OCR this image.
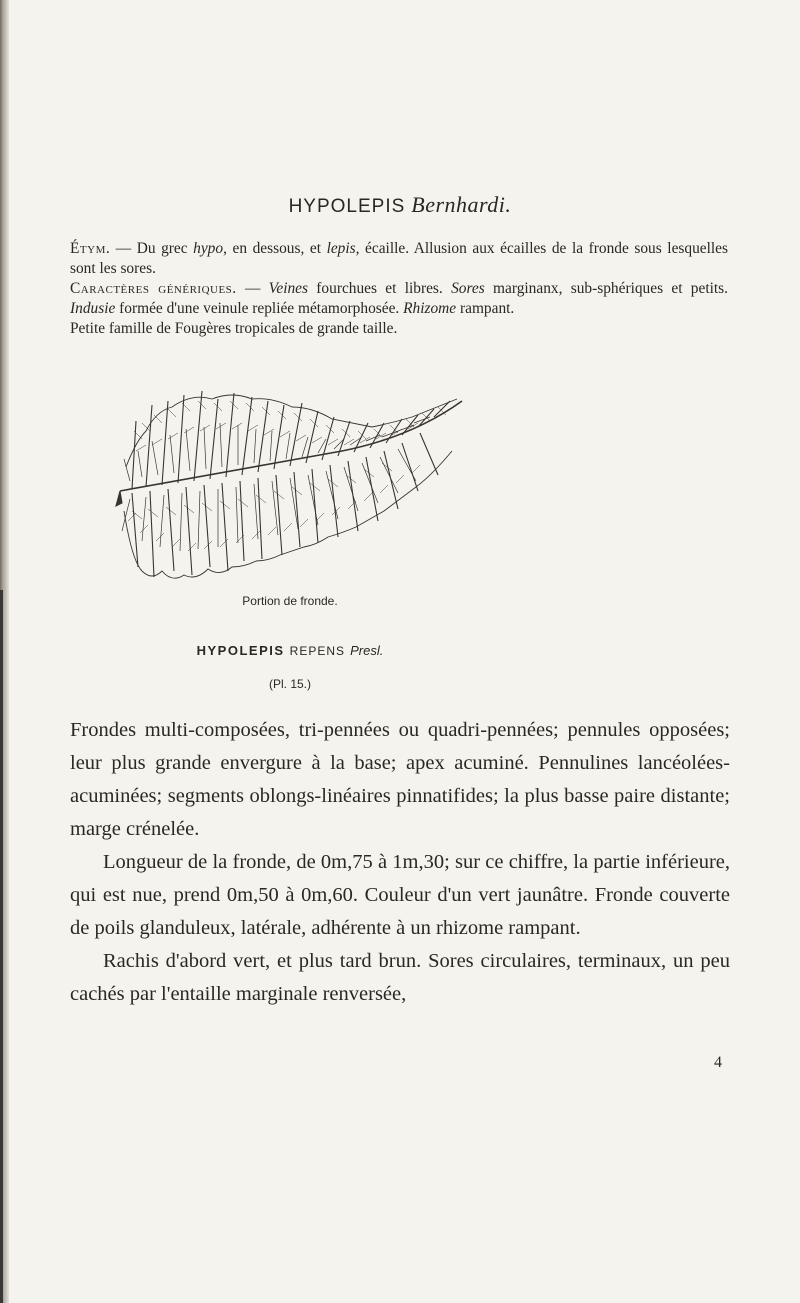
HYPOLEPIS Bernhardi.

Étym. — Du grec hypo, en dessous, et lepis, écaille. Allusion aux écailles de la fronde sous lesquelles sont les sores.

Caractères génériques. — Veines fourchues et libres. Sores marginanx, sub-sphériques et petits. Indusie formée d'une veinule repliée métamorphosée. Rhizome rampant.

Petite famille de Fougères tropicales de grande taille.

Portion de fronde.
HYPOLEPIS REPENS Presl.
(Pl. 15.)

Frondes multi-composées, tri-pennées ou quadri-pennées; pennules opposées; leur plus grande envergure à la base; apex acuminé. Pennulines lancéolées-acuminées; segments oblongs-linéaires pinnatifides; la plus basse paire distante; marge crénelée.

Longueur de la fronde, de 0m,75 à 1m,30; sur ce chiffre, la partie inférieure, qui est nue, prend 0m,50 à 0m,60. Couleur d'un vert jaunâtre. Fronde couverte de poils glanduleux, latérale, adhérente à un rhizome rampant.

Rachis d'abord vert, et plus tard brun. Sores circulaires, terminaux, un peu cachés par l'entaille marginale renversée,

4
